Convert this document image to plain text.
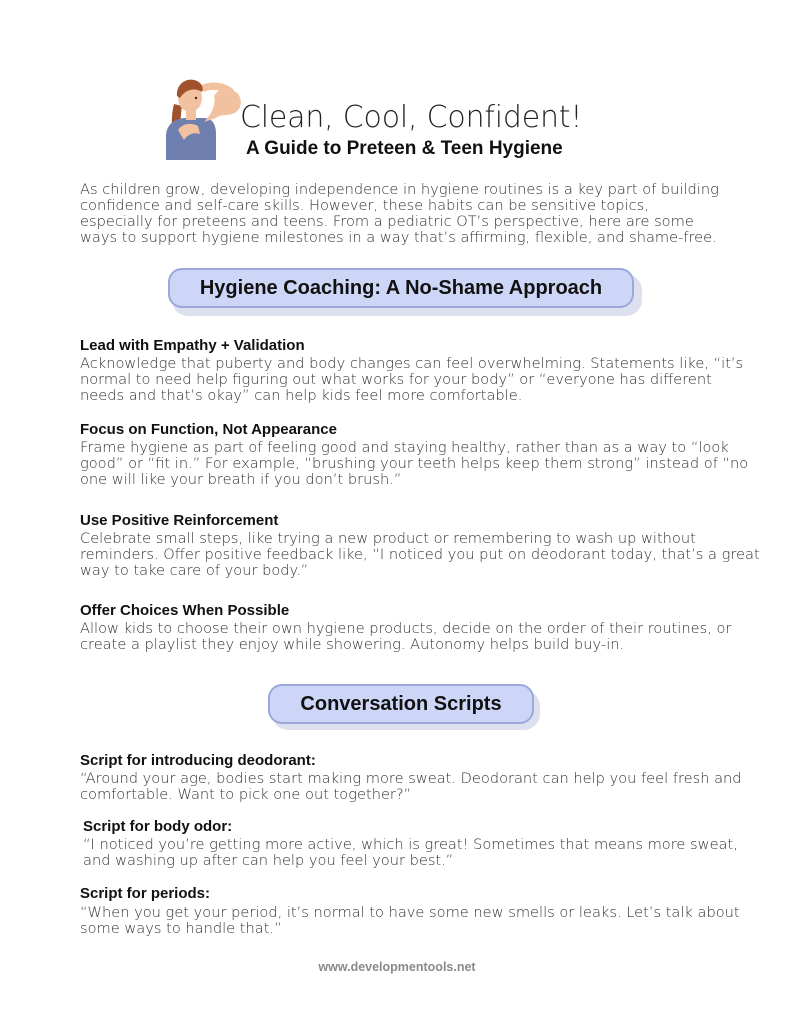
Clean, Cool, Confident!
A Guide to Preteen & Teen Hygiene
As children grow, developing independence in hygiene routines is a key part of building confidence and self-care skills. However, these habits can be sensitive topics, especially for preteens and teens. From a pediatric OT’s perspective, here are some ways to support hygiene milestones in a way that’s affirming, flexible, and shame-free.
Hygiene Coaching: A No-Shame Approach
Lead with Empathy + Validation
Acknowledge that puberty and body changes can feel overwhelming. Statements like, “it’s normal to need help figuring out what works for your body” or “everyone has different needs and that’s okay” can help kids feel more comfortable.
Focus on Function, Not Appearance
Frame hygiene as part of feeling good and staying healthy, rather than as a way to “look good” or “fit in.” For example, “brushing your teeth helps keep them strong” instead of “no one will like your breath if you don’t brush.”
Use Positive Reinforcement
Celebrate small steps, like trying a new product or remembering to wash up without reminders. Offer positive feedback like, “I noticed you put on deodorant today, that’s a great way to take care of your body.”
Offer Choices When Possible
Allow kids to choose their own hygiene products, decide on the order of their routines, or create a playlist they enjoy while showering. Autonomy helps build buy-in.
Conversation Scripts
Script for introducing deodorant:
“Around your age, bodies start making more sweat. Deodorant can help you feel fresh and comfortable. Want to pick one out together?”
Script for body odor:
“I noticed you’re getting more active, which is great! Sometimes that means more sweat, and washing up after can help you feel your best.”
Script for periods:
“When you get your period, it’s normal to have some new smells or leaks. Let’s talk about some ways to handle that.”
www.developmentools.net
